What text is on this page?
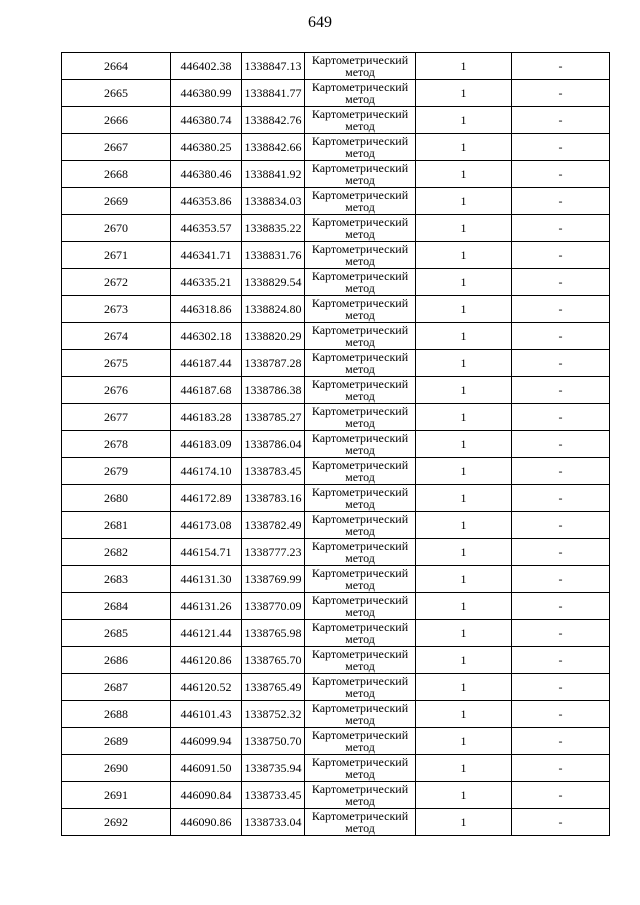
649
2664	446402.38	1338847.13	Картометрический
метод	1	-
2665	446380.99	1338841.77	Картометрический
метод	1	-
2666	446380.74	1338842.76	Картометрический
метод	1	-
2667	446380.25	1338842.66	Картометрический
метод	1	-
2668	446380.46	1338841.92	Картометрический
метод	1	-
2669	446353.86	1338834.03	Картометрический
метод	1	-
2670	446353.57	1338835.22	Картометрический
метод	1	-
2671	446341.71	1338831.76	Картометрический
метод	1	-
2672	446335.21	1338829.54	Картометрический
метод	1	-
2673	446318.86	1338824.80	Картометрический
метод	1	-
2674	446302.18	1338820.29	Картометрический
метод	1	-
2675	446187.44	1338787.28	Картометрический
метод	1	-
2676	446187.68	1338786.38	Картометрический
метод	1	-
2677	446183.28	1338785.27	Картометрический
метод	1	-
2678	446183.09	1338786.04	Картометрический
метод	1	-
2679	446174.10	1338783.45	Картометрический
метод	1	-
2680	446172.89	1338783.16	Картометрический
метод	1	-
2681	446173.08	1338782.49	Картометрический
метод	1	-
2682	446154.71	1338777.23	Картометрический
метод	1	-
2683	446131.30	1338769.99	Картометрический
метод	1	-
2684	446131.26	1338770.09	Картометрический
метод	1	-
2685	446121.44	1338765.98	Картометрический
метод	1	-
2686	446120.86	1338765.70	Картометрический
метод	1	-
2687	446120.52	1338765.49	Картометрический
метод	1	-
2688	446101.43	1338752.32	Картометрический
метод	1	-
2689	446099.94	1338750.70	Картометрический
метод	1	-
2690	446091.50	1338735.94	Картометрический
метод	1	-
2691	446090.84	1338733.45	Картометрический
метод	1	-
2692	446090.86	1338733.04	Картометрический
метод	1	-
